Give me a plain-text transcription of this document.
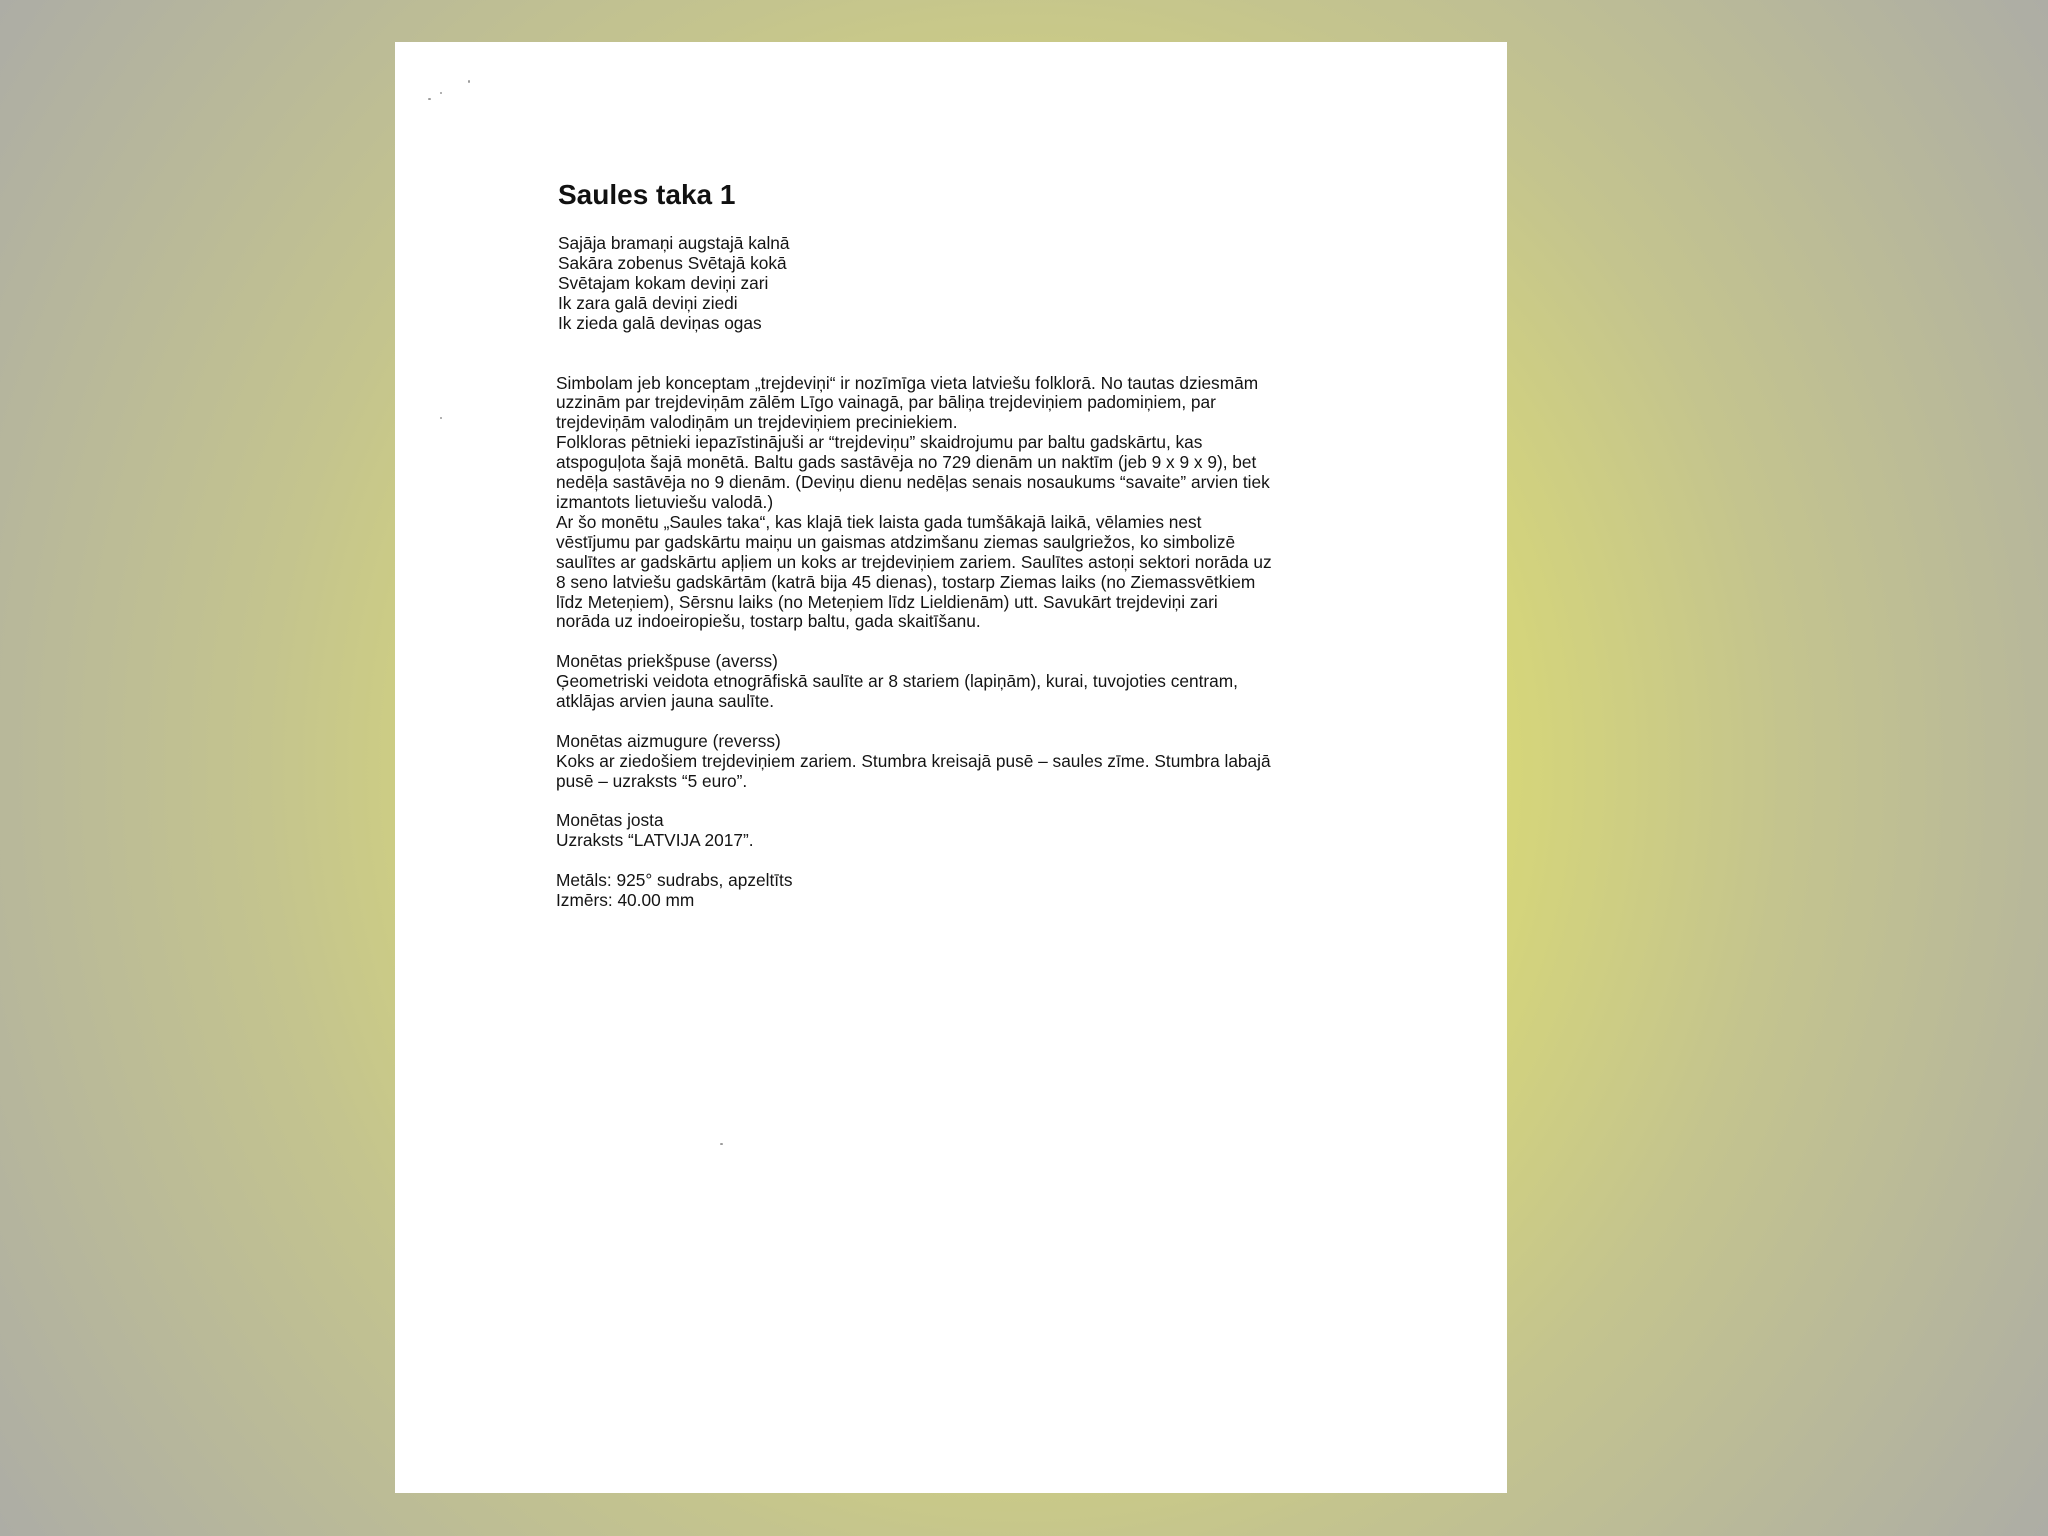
Saules taka 1
Sajāja bramaņi augstajā kalnā
Sakāra zobenus Svētajā kokā
Svētajam kokam deviņi zari
Ik zara galā deviņi ziedi
Ik zieda galā deviņas ogas
Simbolam jeb konceptam „trejdeviņi“ ir nozīmīga vieta latviešu folklorā. No tautas dziesmām
uzzinām par trejdeviņām zālēm Līgo vainagā, par bāliņa trejdeviņiem padomiņiem, par
trejdeviņām valodiņām un trejdeviņiem preciniekiem.
Folkloras pētnieki iepazīstinājuši ar “trejdeviņu” skaidrojumu par baltu gadskārtu, kas
atspoguļota šajā monētā. Baltu gads sastāvēja no 729 dienām un naktīm (jeb 9 x 9 x 9), bet
nedēļa sastāvēja no 9 dienām. (Deviņu dienu nedēļas senais nosaukums “savaite” arvien tiek
izmantots lietuviešu valodā.)
Ar šo monētu „Saules taka“, kas klajā tiek laista gada tumšākajā laikā, vēlamies nest
vēstījumu par gadskārtu maiņu un gaismas atdzimšanu ziemas saulgriežos, ko simbolizē
saulītes ar gadskārtu apļiem un koks ar trejdeviņiem zariem. Saulītes astoņi sektori norāda uz
8 seno latviešu gadskārtām (katrā bija 45 dienas), tostarp Ziemas laiks (no Ziemassvētkiem
līdz Meteņiem), Sērsnu laiks (no Meteņiem līdz Lieldienām) utt. Savukārt trejdeviņi zari
norāda uz indoeiropiešu, tostarp baltu, gada skaitīšanu.
Monētas priekšpuse (averss)
Ģeometriski veidota etnogrāfiskā saulīte ar 8 stariem (lapiņām), kurai, tuvojoties centram,
atklājas arvien jauna saulīte.
Monētas aizmugure (reverss)
Koks ar ziedošiem trejdeviņiem zariem. Stumbra kreisajā pusē – saules zīme. Stumbra labajā
pusē – uzraksts “5 euro”.
Monētas josta
Uzraksts “LATVIJA 2017”.
Metāls: 925° sudrabs, apzeltīts
Izmērs: 40.00 mm
